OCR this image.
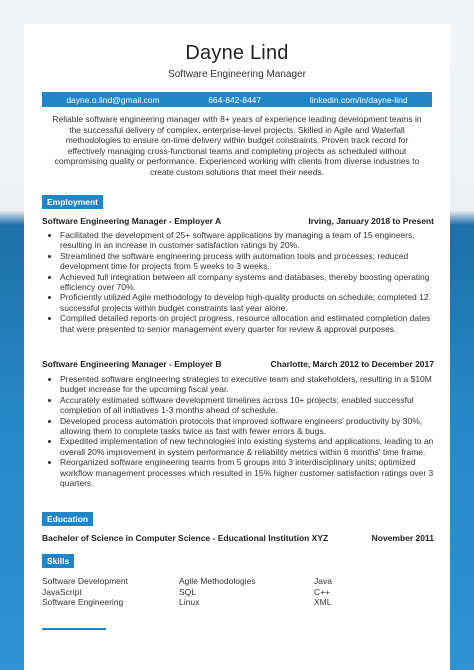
Dayne Lind
Software Engineering Manager
dayne.o.lind@gmail.com	664-842-8447	linkedin.com/in/dayne-lind
Reliable software engineering manager with 8+ years of experience leading development teams in the successful delivery of complex, enterprise-level projects. Skilled in Agile and Waterfall methodologies to ensure on-time delivery within budget constraints. Proven track record for effectively managing cross-functional teams and completing projects as scheduled without compromising quality or performance. Experienced working with clients from diverse industries to create custom solutions that meet their needs.
Employment
Software Engineering Manager - Employer A	Irving, January 2018 to Present
• Facilitated the development of 25+ software applications by managing a team of 15 engineers, resulting in an increase in customer satisfaction ratings by 20%.
• Streamlined the software engineering process with automation tools and processes; reduced development time for projects from 5 weeks to 3 weeks.
• Achieved full integration between all company systems and databases, thereby boosting operating efficiency over 70%.
• Proficiently utilized Agile methodology to develop high-quality products on schedule; completed 12 successful projects within budget constraints last year alone.
• Compiled detailed reports on project progress, resource allocation and estimated completion dates that were presented to senior management every quarter for review & approval purposes.
Software Engineering Manager - Employer B	Charlotte, March 2012 to December 2017
• Presented software engineering strategies to executive team and stakeholders, resulting in a $10M budget increase for the upcoming fiscal year.
• Accurately estimated software development timelines across 10+ projects; enabled successful completion of all initiatives 1-3 months ahead of schedule.
• Developed process automation protocols that improved software engineers' productivity by 30%, allowing them to complete tasks twice as fast with fewer errors & bugs.
• Expedited implementation of new technologies into existing systems and applications, leading to an overall 20% improvement in system performance & reliability metrics within 6 months' time frame.
• Reorganized software engineering teams from 5 groups into 3 interdisciplinary units; optimized workflow management processes which resulted in 15% higher customer satisfaction ratings over 3 quarters.
Education
Bachelor of Science in Computer Science - Educational Institution XYZ	November 2011
Skills
Software Development	Agile Methodologies	Java
JavaScript	SQL	C++
Software Engineering	Linux	XML
